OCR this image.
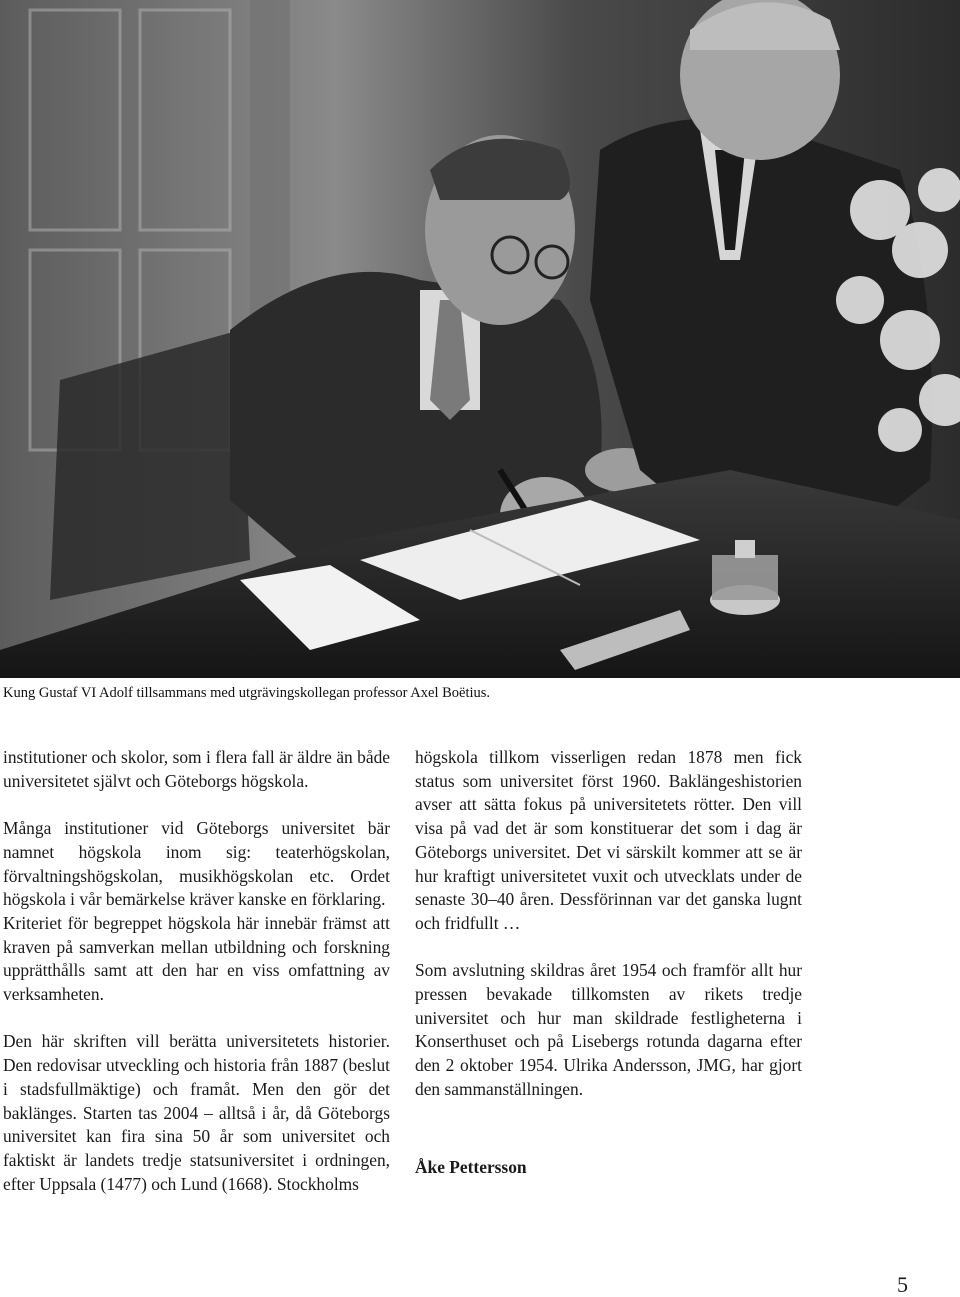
Kung Gustaf VI Adolf tillsammans med utgrävingskollegan professor Axel Boëtius.

institutioner och skolor, som i flera fall är äldre än både universitetet självt och Göteborgs högskola.

Många institutioner vid Göteborgs universitet bär namnet högskola inom sig: teaterhögskolan, förvaltningshögskolan, musikhögskolan etc. Ordet högskola i vår bemärkelse kräver kanske en förklaring.

Kriteriet för begreppet högskola här innebär främst att kraven på samverkan mellan utbildning och forskning upprätthålls samt att den har en viss omfattning av verksamheten.

Den här skriften vill berätta universitetets historier. Den redovisar utveckling och historia från 1887 (beslut i stadsfullmäktige) och framåt. Men den gör det baklänges. Starten tas 2004 – alltså i år, då Göteborgs universitet kan fira sina 50 år som universitet och faktiskt är landets tredje statsuniversitet i ordningen, efter Uppsala (1477) och Lund (1668). Stockholms

högskola tillkom visserligen redan 1878 men fick status som universitet först 1960. Baklängeshistorien avser att sätta fokus på universitetets rötter. Den vill visa på vad det är som konstituerar det som i dag är Göteborgs universitet. Det vi särskilt kommer att se är hur kraftigt universitetet vuxit och utvecklats under de senaste 30–40 åren. Dessförinnan var det ganska lugnt och fridfullt …

Som avslutning skildras året 1954 och framför allt hur pressen bevakade tillkomsten av rikets tredje universitet och hur man skildrade festligheterna i Konserthuset och på Lisebergs rotunda dagarna efter den 2 oktober 1954. Ulrika Andersson, JMG, har gjort den sammanställningen.

Åke Pettersson
5
